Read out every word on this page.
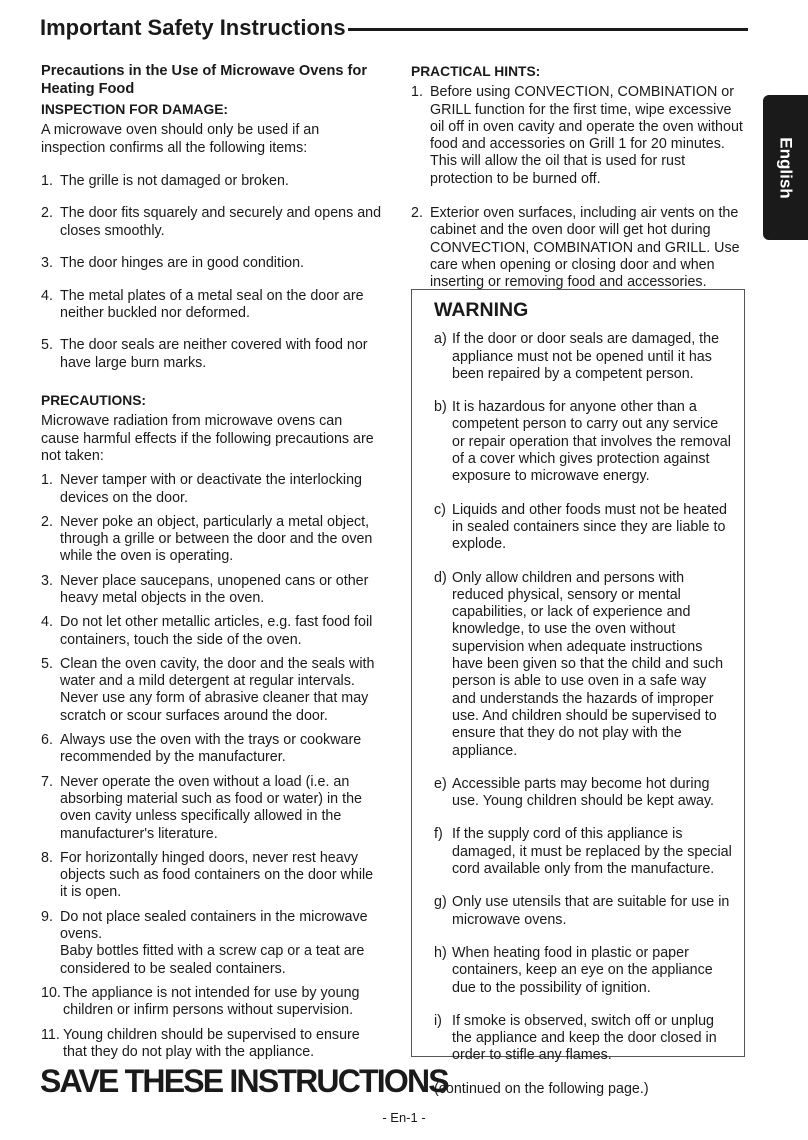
Important Safety Instructions
English

Precautions in the Use of Microwave Ovens for Heating Food

INSPECTION FOR DAMAGE:

A microwave oven should only be used if an inspection confirms all the following items:

1. The grille is not damaged or broken.
2. The door fits squarely and securely and opens and closes smoothly.
3. The door hinges are in good condition.
4. The metal plates of a metal seal on the door are neither buckled nor deformed.
5. The door seals are neither covered with food nor have large burn marks.

PRECAUTIONS:

Microwave radiation from microwave ovens can cause harmful effects if the following precautions are not taken:

1. Never tamper with or deactivate the interlocking devices on the door.
2. Never poke an object, particularly a metal object, through a grille or between the door and the oven while the oven is operating.
3. Never place saucepans, unopened cans or other heavy metal objects in the oven.
4. Do not let other metallic articles, e.g. fast food foil containers, touch the side of the oven.
5. Clean the oven cavity, the door and the seals with water and a mild detergent at regular intervals. Never use any form of abrasive cleaner that may scratch or scour surfaces around the door.
6. Always use the oven with the trays or cookware recommended by the manufacturer.
7. Never operate the oven without a load (i.e. an absorbing material such as food or water) in the oven cavity unless specifically allowed in the manufacturer's literature.
8. For horizontally hinged doors, never rest heavy objects such as food containers on the door while it is open.
9. Do not place sealed containers in the microwave ovens.
Baby bottles fitted with a screw cap or a teat are considered to be sealed containers.
10. The appliance is not intended for use by young children or infirm persons without supervision.
11. Young children should be supervised to ensure that they do not play with the appliance.

PRACTICAL HINTS:

1. Before using CONVECTION, COMBINATION or GRILL function for the first time, wipe excessive oil off in oven cavity and operate the oven without food and accessories on Grill 1 for 20 minutes. This will allow the oil that is used for rust protection to be burned off.
2. Exterior oven surfaces, including air vents on the cabinet and the oven door will get hot during CONVECTION, COMBINATION and GRILL. Use care when opening or closing door and when inserting or removing food and accessories.

WARNING

a) If the door or door seals are damaged, the appliance must not be opened until it has been repaired by a competent person.
b) It is hazardous for anyone other than a competent person to carry out any service or repair operation that involves the removal of a cover which gives protection against exposure to microwave energy.
c) Liquids and other foods must not be heated in sealed containers since they are liable to explode.
d) Only allow children and persons with reduced physical, sensory or mental capabilities, or lack of experience and knowledge, to use the oven without supervision when adequate instructions have been given so that the child and such person is able to use oven in a safe way and understands the hazards of improper use. And children should be supervised to ensure that they do not play with the appliance.
e) Accessible parts may become hot during use. Young children should be kept away.
f) If the supply cord of this appliance is damaged, it must be replaced by the special cord available only from the manufacture.
g) Only use utensils that are suitable for use in microwave ovens.
h) When heating food in plastic or paper containers, keep an eye on the appliance due to the possibility of ignition.
i) If smoke is observed, switch off or unplug the appliance and keep the door closed in order to stifle any flames.

(continued on the following page.)

SAVE THESE INSTRUCTIONS
- En-1 -
